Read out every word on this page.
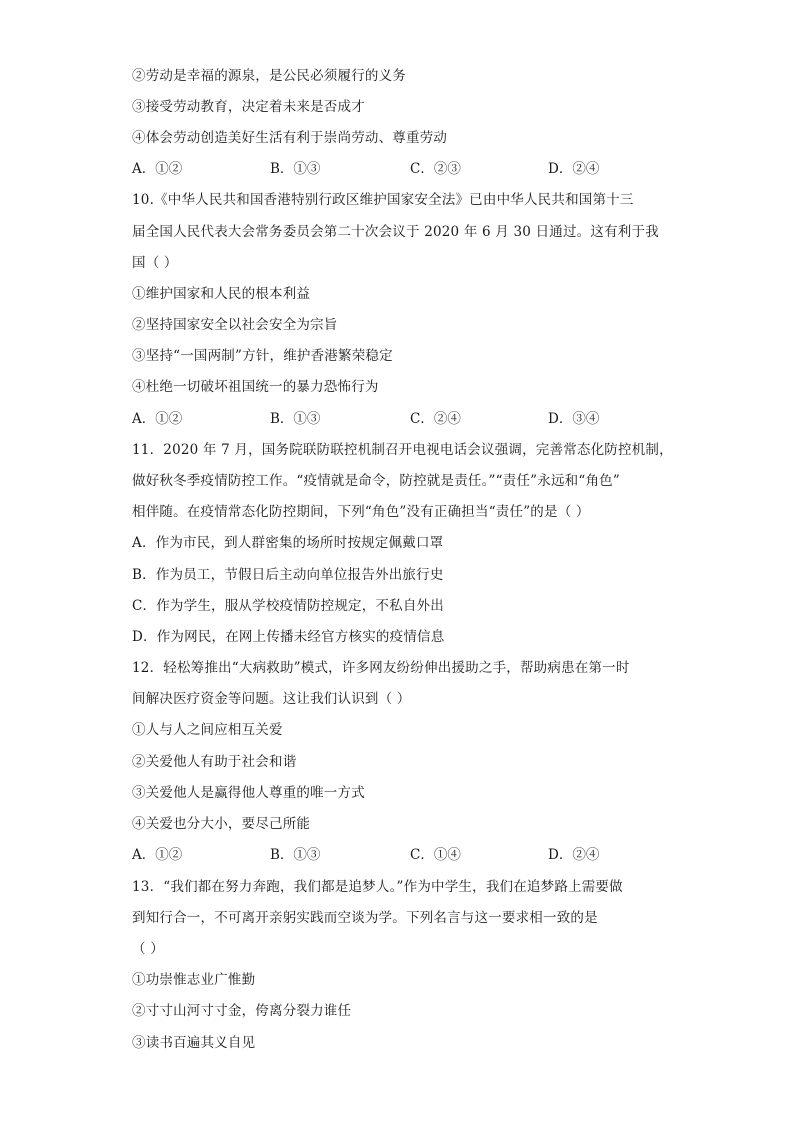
②劳动是幸福的源泉，是公民必须履行的义务
③接受劳动教育，决定着未来是否成才
④体会劳动创造美好生活有利于崇尚劳动、尊重劳动
A．①②	B．①③	C．②③	D．②④
10.《中华人民共和国香港特别行政区维护国家安全法》已由中华人民共和国第十三
届全国人民代表大会常务委员会第二十次会议于 2020 年 6 月 30 日通过。这有利于我
国（ ）
①维护国家和人民的根本利益
②坚持国家安全以社会安全为宗旨
③坚持“一国两制”方针，维护香港繁荣稳定
④杜绝一切破坏祖国统一的暴力恐怖行为
A．①②	B．①③	C．②④	D．③④
11．2020 年 7 月，国务院联防联控机制召开电视电话会议强调，完善常态化防控机制，
做好秋冬季疫情防控工作。“疫情就是命令，防控就是责任。”“责任”永远和“角色”
相伴随。在疫情常态化防控期间，下列“角色”没有正确担当“责任”的是（ ）
A．作为市民，到人群密集的场所时按规定佩戴口罩
B．作为员工，节假日后主动向单位报告外出旅行史
C．作为学生，服从学校疫情防控规定，不私自外出
D．作为网民，在网上传播未经官方核实的疫情信息
12．轻松筹推出“大病救助”模式，许多网友纷纷伸出援助之手，帮助病患在第一时
间解决医疗资金等问题。这让我们认识到（ ）
①人与人之间应相互关爱
②关爱他人有助于社会和谐
③关爱他人是赢得他人尊重的唯一方式
④关爱也分大小，要尽己所能
A．①②	B．①③	C．①④	D．②④
13．“我们都在努力奔跑，我们都是追梦人。”作为中学生，我们在追梦路上需要做
到知行合一，不可离开亲躬实践而空谈为学。下列名言与这一要求相一致的是
（ ）
①功崇惟志业广惟勤
②寸寸山河寸寸金，侉离分裂力谁任
③读书百遍其义自见
